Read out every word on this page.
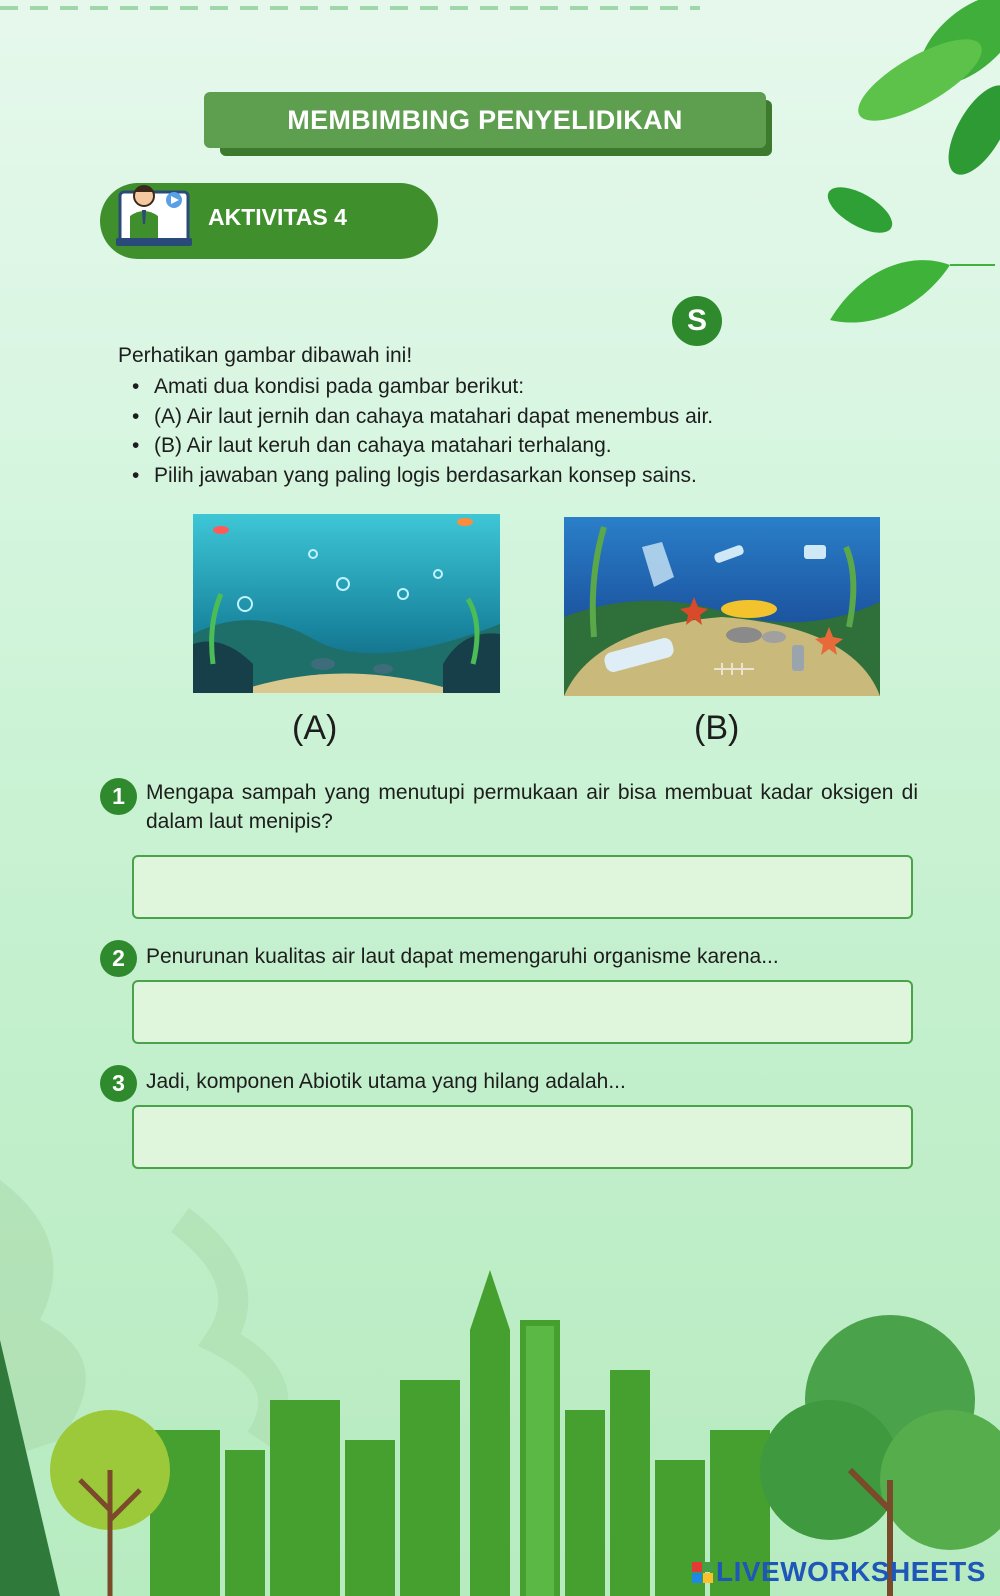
MEMBIMBING PENYELIDIKAN
AKTIVITAS 4
S
Perhatikan gambar dibawah ini!
• Amati dua kondisi pada gambar berikut:
• (A) Air laut jernih dan cahaya matahari dapat menembus air.
• (B) Air laut keruh dan cahaya matahari terhalang.
• Pilih jawaban yang paling logis berdasarkan konsep sains.
(A)	(B)
1	Mengapa sampah yang menutupi permukaan air bisa membuat kadar oksigen di dalam laut menipis?
2	Penurunan kualitas air laut dapat memengaruhi organisme karena...
3	Jadi, komponen Abiotik utama yang hilang adalah...
LIVEWORKSHEETS
